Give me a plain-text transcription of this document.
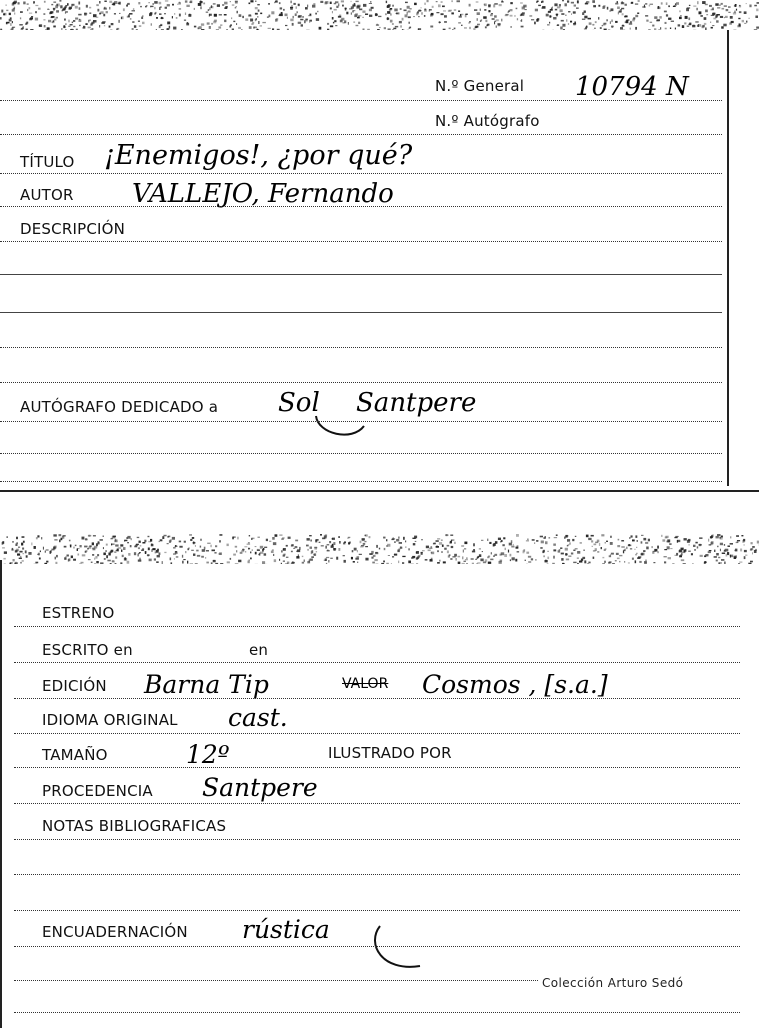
N.º General 10794 N
N.º Autógrafo
TÍTULO ¡Enemigos!, ¿por qué?
AUTOR VALLEJO, Fernando
DESCRIPCIÓN
AUTÓGRAFO DEDICADO a Sol Santpere
ESTRENO
ESCRITO en	en
EDICIÓN Barna Tip	VALOR Cosmos , [s.a.]
IDIOMA ORIGINAL cast.
TAMAÑO	12º	ILUSTRADO POR
PROCEDENCIA Santpere
NOTAS BIBLIOGRAFICAS
ENCUADERNACIÓN rústica
Colección Arturo Sedó
